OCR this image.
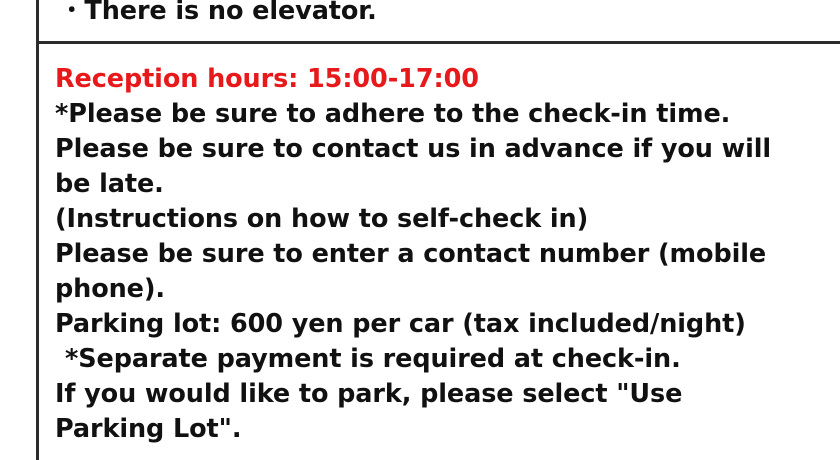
・There is no elevator.
Reception hours: 15:00-17:00
*Please be sure to adhere to the check-in time.
Please be sure to contact us in advance if you will
be late.
(Instructions on how to self-check in)
Please be sure to enter a contact number (mobile
phone).
Parking lot: 600 yen per car (tax included/night)
*Separate payment is required at check-in.
If you would like to park, please select "Use
Parking Lot".
